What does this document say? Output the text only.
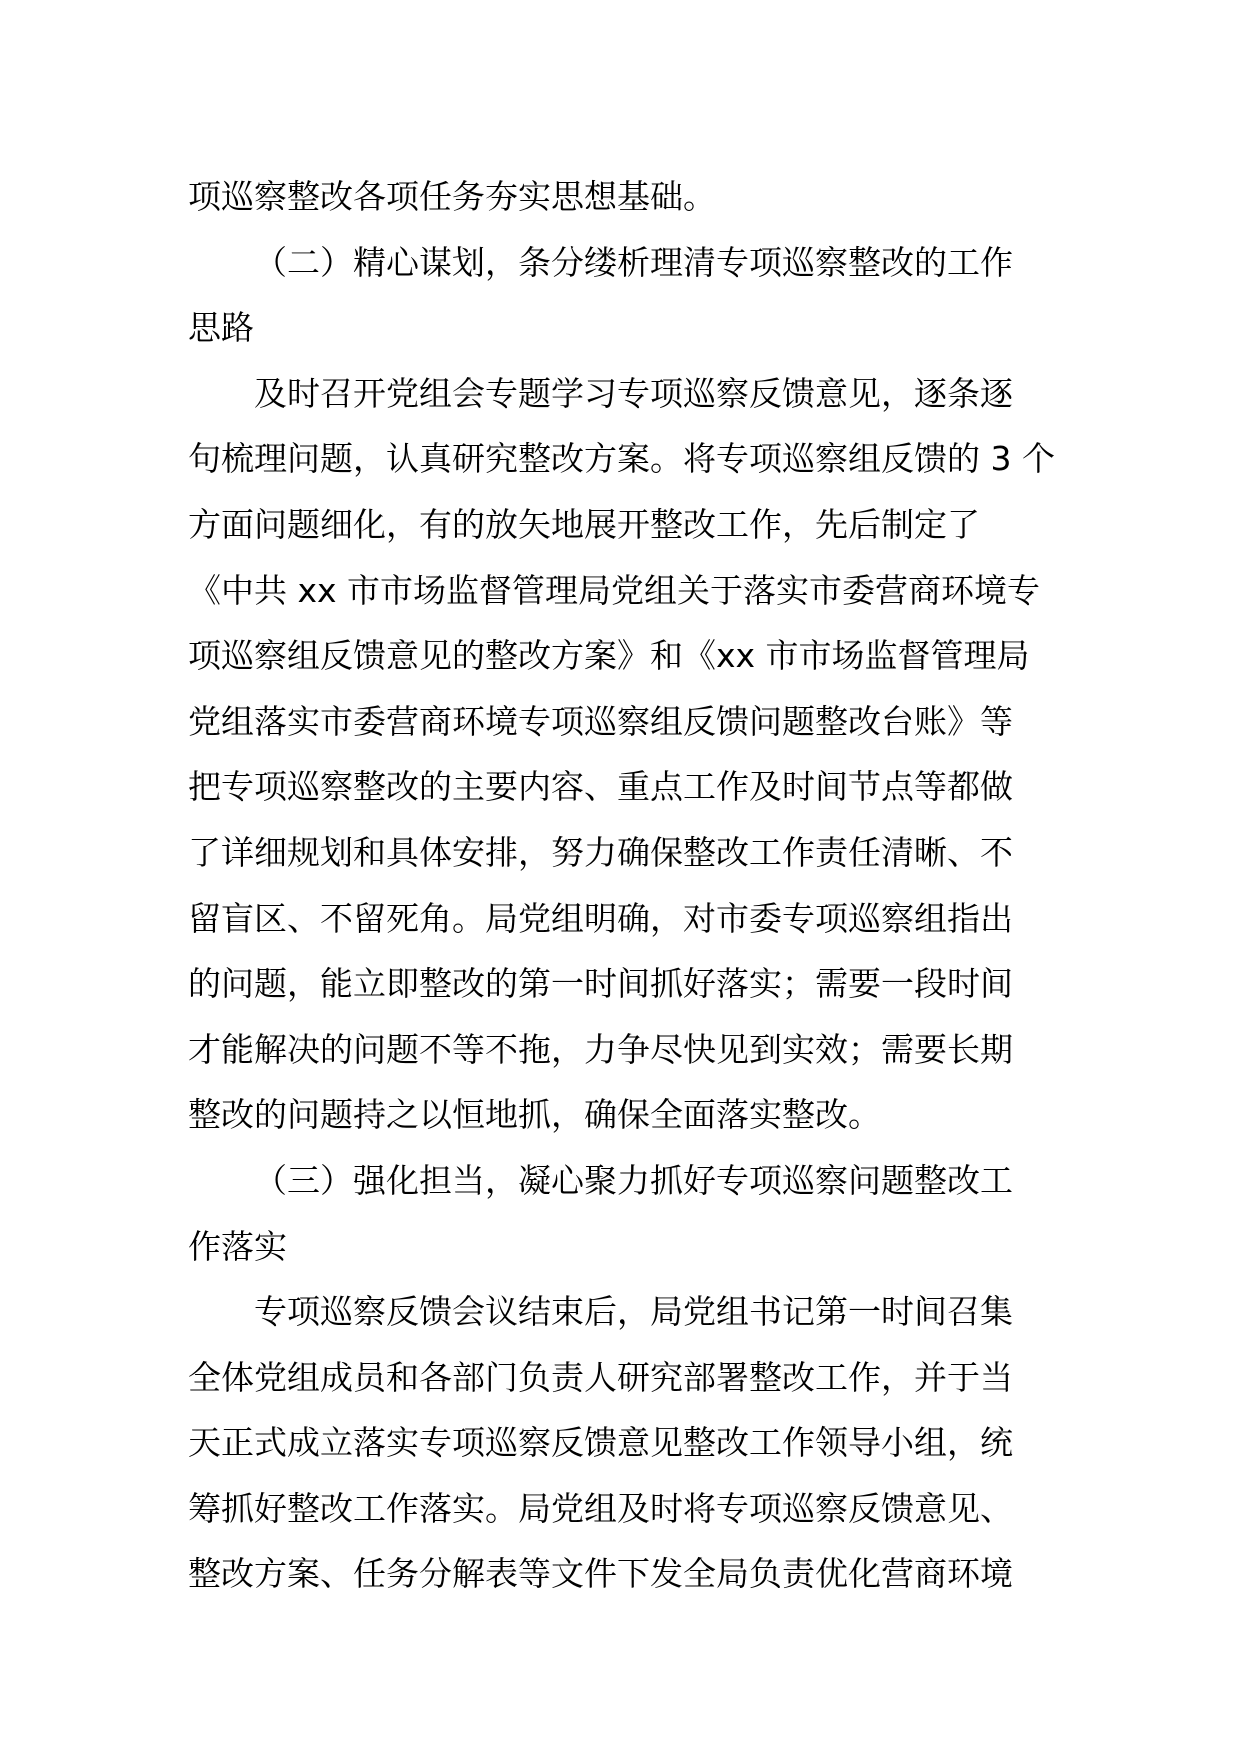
项巡察整改各项任务夯实思想基础。
（二）精心谋划，条分缕析理清专项巡察整改的工作
思路
及时召开党组会专题学习专项巡察反馈意见，逐条逐
句梳理问题，认真研究整改方案。将专项巡察组反馈的 3 个
方面问题细化，有的放矢地展开整改工作，先后制定了
《中共 xx 市市场监督管理局党组关于落实市委营商环境专
项巡察组反馈意见的整改方案》和《xx 市市场监督管理局
党组落实市委营商环境专项巡察组反馈问题整改台账》等
把专项巡察整改的主要内容、重点工作及时间节点等都做
了详细规划和具体安排，努力确保整改工作责任清晰、不
留盲区、不留死角。局党组明确，对市委专项巡察组指出
的问题，能立即整改的第一时间抓好落实；需要一段时间
才能解决的问题不等不拖，力争尽快见到实效；需要长期
整改的问题持之以恒地抓，确保全面落实整改。
（三）强化担当，凝心聚力抓好专项巡察问题整改工
作落实
专项巡察反馈会议结束后，局党组书记第一时间召集
全体党组成员和各部门负责人研究部署整改工作，并于当
天正式成立落实专项巡察反馈意见整改工作领导小组，统
筹抓好整改工作落实。局党组及时将专项巡察反馈意见、
整改方案、任务分解表等文件下发全局负责优化营商环境
